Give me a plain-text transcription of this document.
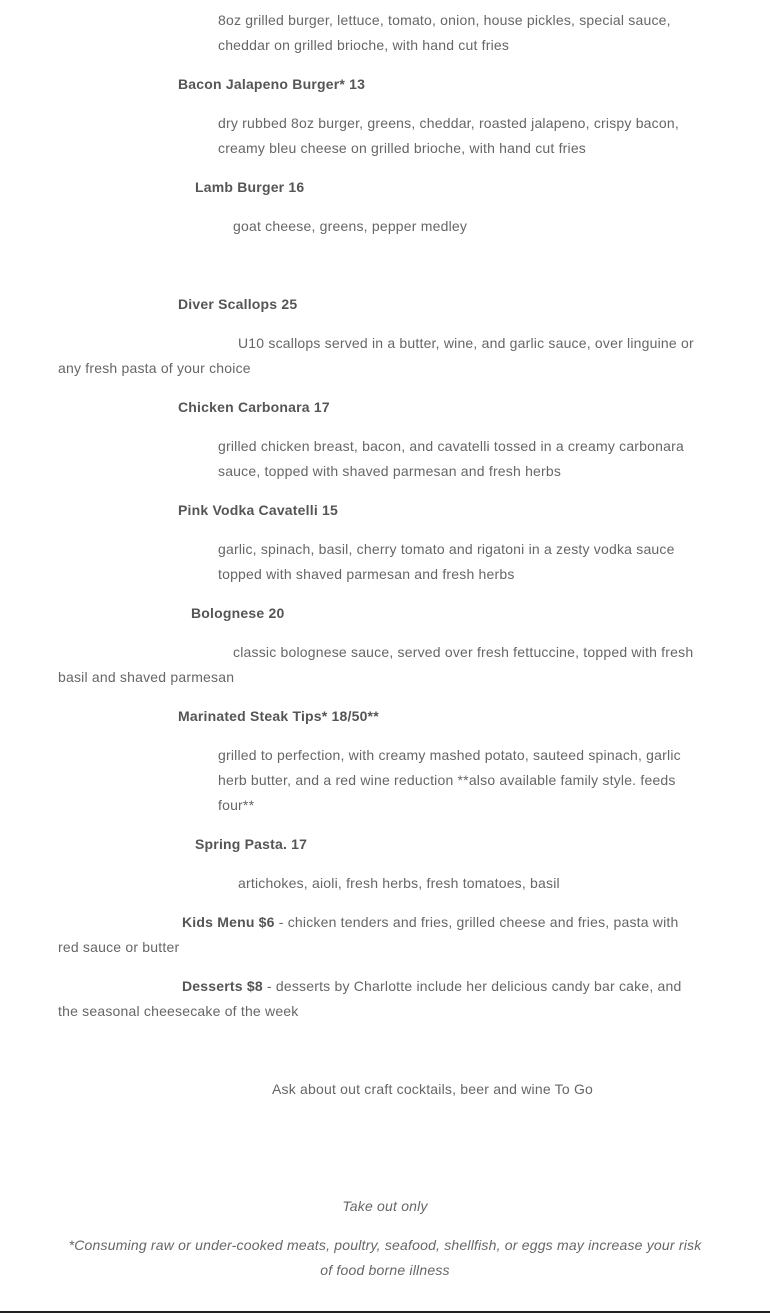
8oz grilled burger, lettuce, tomato, onion, house pickles, special sauce,
cheddar on grilled brioche, with hand cut fries
Bacon Jalapeno Burger* 13
dry rubbed 8oz burger, greens, cheddar, roasted jalapeno, crispy bacon,
creamy bleu cheese on grilled brioche, with hand cut fries
Lamb Burger 16
goat cheese, greens, pepper medley
Diver Scallops 25
U10 scallops served in a butter, wine, and garlic sauce, over linguine or
any fresh pasta of your choice
Chicken Carbonara 17
grilled chicken breast, bacon, and cavatelli tossed in a creamy carbonara
sauce, topped with shaved parmesan and fresh herbs
Pink Vodka Cavatelli 15
garlic, spinach, basil, cherry tomato and rigatoni in a zesty vodka sauce
topped with shaved parmesan and fresh herbs
Bolognese 20
classic bolognese sauce, served over fresh fettuccine, topped with fresh
basil and shaved parmesan
Marinated Steak Tips* 18/50**
grilled to perfection, with creamy mashed potato, sauteed spinach, garlic
herb butter, and a red wine reduction **also available family style. feeds
four**
Spring Pasta. 17
artichokes, aioli, fresh herbs, fresh tomatoes, basil
Kids Menu $6 - chicken tenders and fries, grilled cheese and fries, pasta with
red sauce or butter
Desserts $8 - desserts by Charlotte include her delicious candy bar cake, and
the seasonal cheesecake of the week
Ask about out craft cocktails, beer and wine To Go
Take out only
*Consuming raw or under-cooked meats, poultry, seafood, shellfish, or eggs may increase your risk
of food borne illness
